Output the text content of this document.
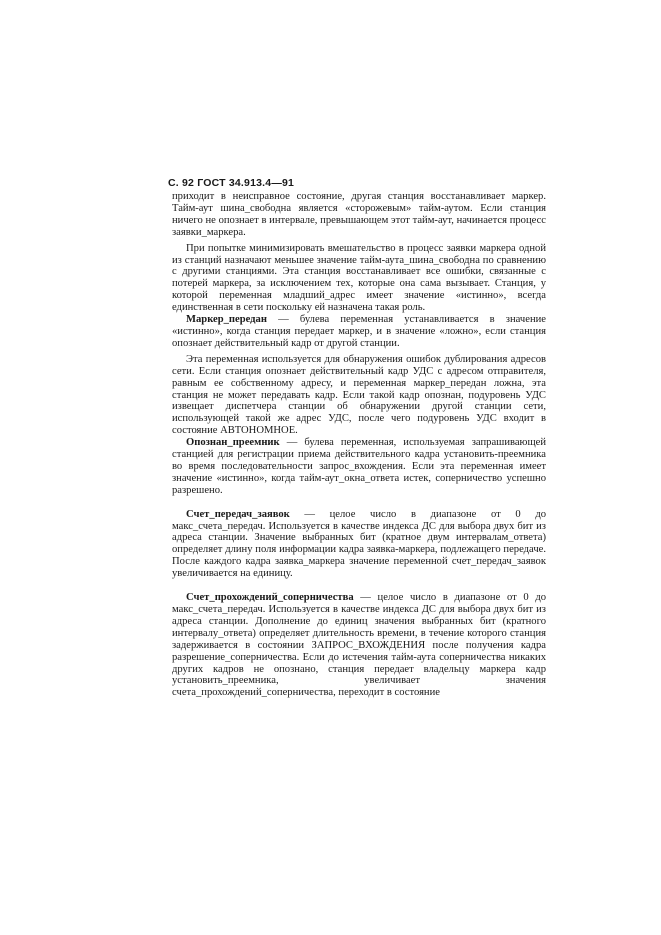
С. 92 ГОСТ 34.913.4—91

приходит в неисправное состояние, другая станция восстанавливает маркер. Тайм-аут шина_свободна является «сторожевым» тайм-аутом. Если станция ничего не опознает в интервале, превышающем этот тайм-аут, начинается процесс заявки_маркера.

При попытке минимизировать вмешательство в процесс заявки маркера одной из станций назначают меньшее значение тайм-аута_шина_свободна по сравнению с другими станциями. Эта станция восстанавливает все ошибки, связанные с потерей маркера, за исключением тех, которые она сама вызывает. Станция, у которой переменная младший_адрес имеет значение «истинно», всегда единственная в сети поскольку ей назначена такая роль.

Маркер_передан — булева переменная устанавливается в значение «истинно», когда станция передает маркер, и в значение «ложно», если станция опознает действительный кадр от другой станции.

Эта переменная используется для обнаружения ошибок дублирования адресов сети. Если станция опознает действительный кадр УДС с адресом отправителя, равным ее собственному адресу, и переменная маркер_передан ложна, эта станция не может передавать кадр. Если такой кадр опознан, подуровень УДС извещает диспетчера станции об обнаружении другой станции сети, использующей такой же адрес УДС, после чего подуровень УДС входит в состояние АВТОНОМНОЕ.

Опознан_преемник — булева переменная, используемая запрашивающей станцией для регистрации приема действительного кадра установить-преемника во время последовательности запрос_вхождения. Если эта переменная имеет значение «истинно», когда тайм-аут_окна_ответа истек, соперничество успешно разрешено.

Счет_передач_заявок — целое число в диапазоне от 0 до макс_счета_передач. Используется в качестве индекса ДС для выбора двух бит из адреса станции. Значение выбранных бит (кратное двум интервалам_ответа) определяет длину поля информации кадра заявка-маркера, подлежащего передаче. После каждого кадра заявка_маркера значение переменной счет_передач_заявок увеличивается на единицу.

Счет_прохождений_соперничества — целое число в диапазоне от 0 до макс_счета_передач. Используется в качестве индекса ДС для выбора двух бит из адреса станции. Дополнение до единиц значения выбранных бит (кратного интервалу_ответа) определяет длительность времени, в течение которого станция задерживается в состоянии ЗАПРОС_ВХОЖДЕНИЯ после получения кадра разрешение_соперничества. Если до истечения тайм-аута соперничества никаких других кадров не опознано, станция передает владельцу маркера кадр установить_преемника, увеличивает значения счета_прохождений_соперничества, переходит в состояние
